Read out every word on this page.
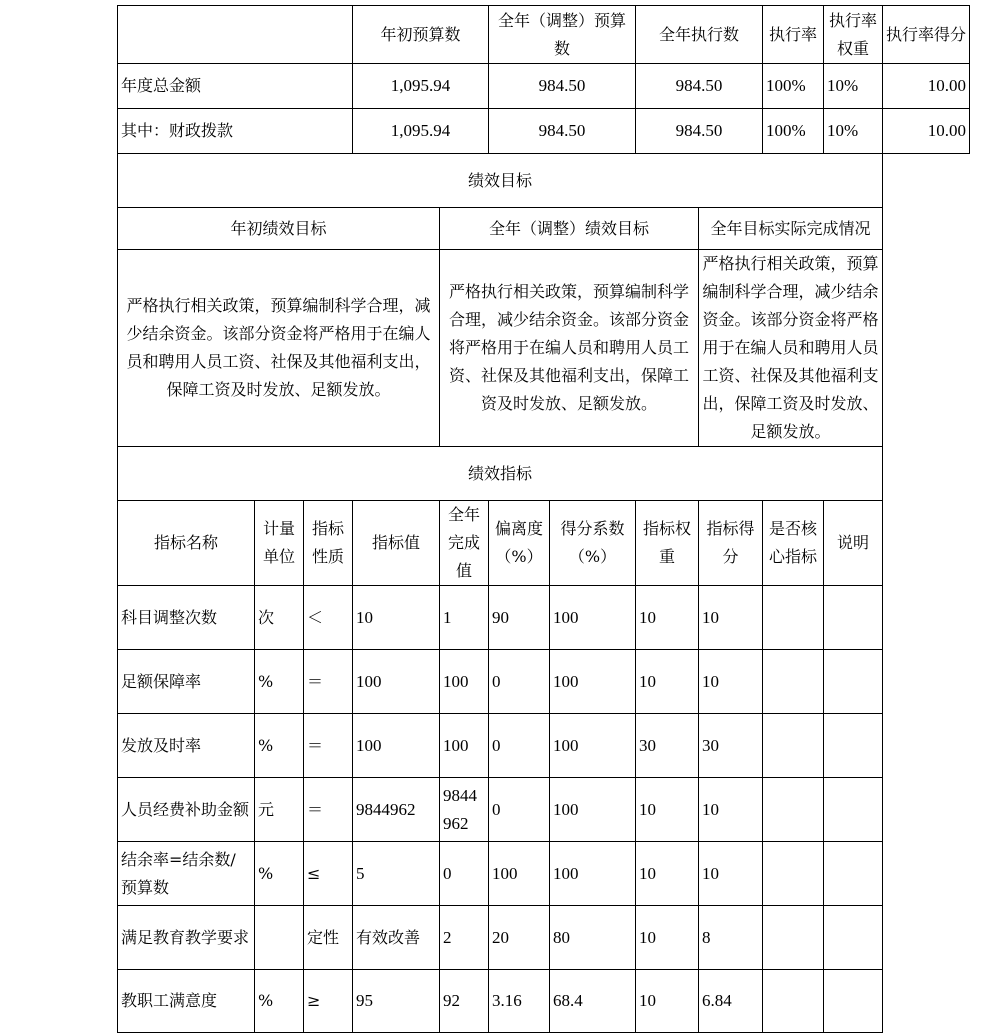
			年初预算数		全年（调整）预算数		全年执行数		执行率	执行率权重	执行率得分
年度总金额			1,095.94		984.50		984.50		100%	10%	10.00
其中：财政拨款			1,095.94		984.50		984.50		100%	10%	10.00
绩效目标											
年初绩效目标				全年（调整）绩效目标				全年目标实际完成情况			
严格执行相关政策，预算编制科学合理，减少结余资金。该部分资金将严格用于在编人员和聘用人员工资、社保及其他福利支出，保障工资及时发放、足额发放。				严格执行相关政策，预算编制科学合理，减少结余资金。该部分资金将严格用于在编人员和聘用人员工资、社保及其他福利支出，保障工资及时发放、足额发放。				严格执行相关政策，预算编制科学合理，减少结余资金。该部分资金将严格用于在编人员和聘用人员工资、社保及其他福利支出，保障工资及时发放、足额发放。			
绩效指标											
指标名称	计量单位	指标性质	指标值	全年完成值	偏离度（%）	得分系数（%）	指标权重	指标得分	是否核心指标	说明	
科目调整次数	次	＜	10	1	90	100	10	10			
足额保障率	%	＝	100	100	0	100	10	10			
发放及时率	%	＝	100	100	0	100	30	30			
人员经费补助金额	元	＝	9844962	9844962	0	100	10	10			
结余率=结余数/预算数	%	≤	5	0	100	100	10	10			
满足教育教学要求		定性	有效改善	2	20	80	10	8			
教职工满意度	%	≥	95	92	3.16	68.4	10	6.84			
